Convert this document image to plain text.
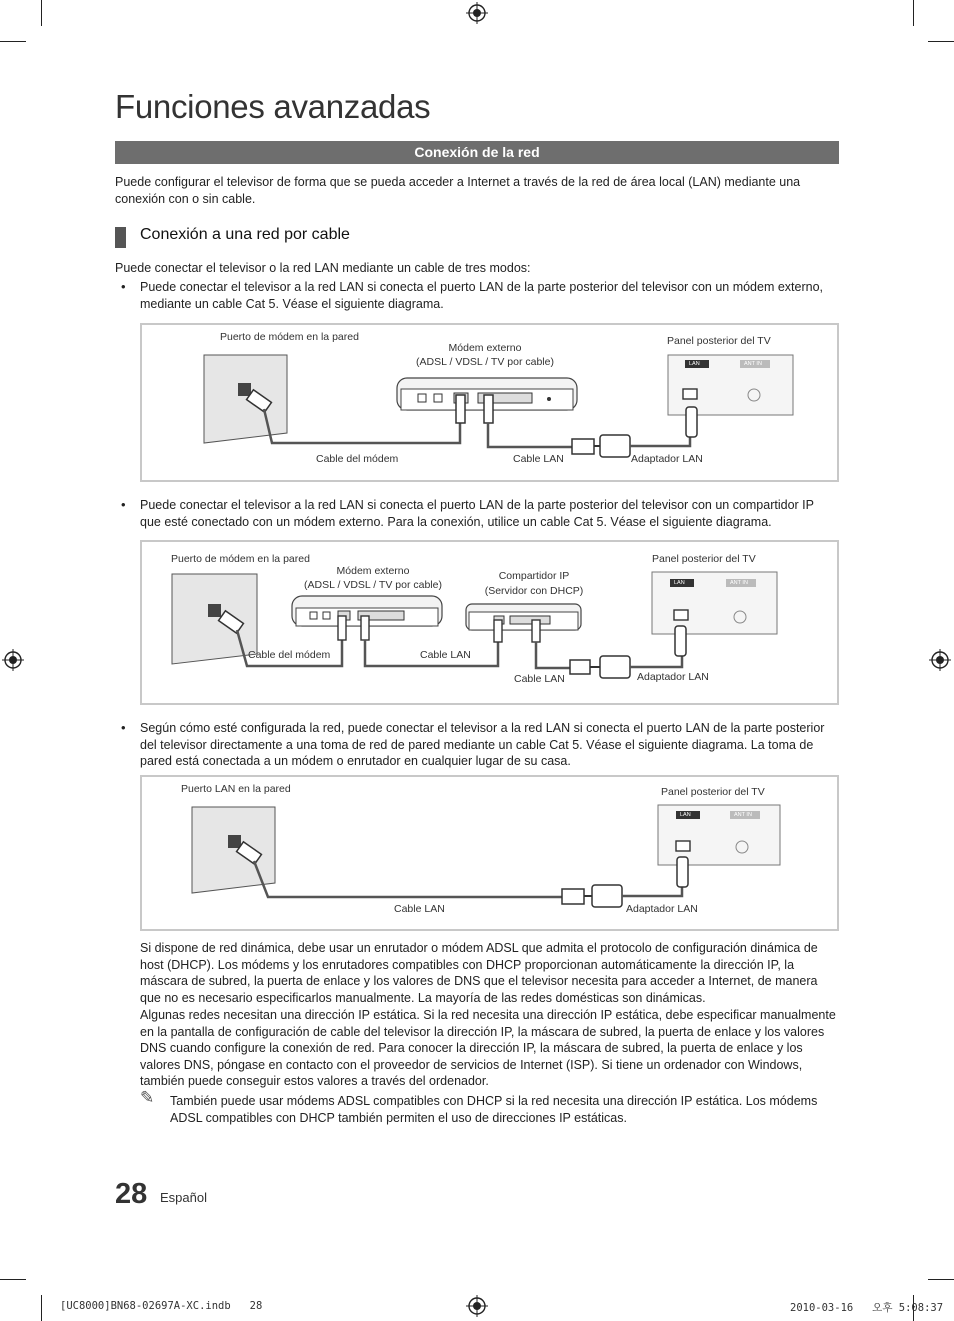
Funciones avanzadas
Conexión de la red
Puede configurar el televisor de forma que se pueda acceder a Internet a través de la red de área local (LAN) mediante una conexión con o sin cable.
Conexión a una red por cable
Puede conectar el televisor o la red LAN mediante un cable de tres modos:
• Puede conectar el televisor a la red LAN si conecta el puerto LAN de la parte posterior del televisor con un módem externo, mediante un cable Cat 5. Véase el siguiente diagrama.
LAN	ANT IN
Puerto de módem en la pared
Módem externo
(ADSL / VDSL / TV por cable)
Panel posterior del TV
Cable del módem	Cable LAN	Adaptador LAN
• Puede conectar el televisor a la red LAN si conecta el puerto LAN de la parte posterior del televisor con un compartidor IP que esté conectado con un módem externo. Para la conexión, utilice un cable Cat 5. Véase el siguiente diagrama.
LAN	ANT IN
Puerto de módem en la pared
Módem externo
(ADSL / VDSL / TV por cable)
Compartidor IP
(Servidor con DHCP)
Panel posterior del TV
Cable del módem	Cable LAN
Cable LAN	Adaptador LAN
• Según cómo esté configurada la red, puede conectar el televisor a la red LAN si conecta el puerto LAN de la parte posterior del televisor directamente a una toma de red de pared mediante un cable Cat 5. Véase el siguiente diagrama. La toma de pared está conectada a un módem o enrutador en cualquier lugar de su casa.
LAN	ANT IN
Puerto LAN en la pared	Panel posterior del TV
Cable LAN	Adaptador LAN
Si dispone de red dinámica, debe usar un enrutador o módem ADSL que admita el protocolo de configuración dinámica de host (DHCP). Los módems y los enrutadores compatibles con DHCP proporcionan automáticamente la dirección IP, la máscara de subred, la puerta de enlace y los valores de DNS que el televisor necesita para acceder a Internet, de manera que no es necesario especificarlos manualmente. La mayoría de las redes domésticas son dinámicas.
Algunas redes necesitan una dirección IP estática. Si la red necesita una dirección IP estática, debe especificar manualmente en la pantalla de configuración de cable del televisor la dirección IP, la máscara de subred, la puerta de enlace y los valores DNS cuando configure la conexión de red. Para conocer la dirección IP, la máscara de subred, la puerta de enlace y los valores DNS, póngase en contacto con el proveedor de servicios de Internet (ISP). Si tiene un ordenador con Windows, también puede conseguir estos valores a través del ordenador.
✎ También puede usar módems ADSL compatibles con DHCP si la red necesita una dirección IP estática. Los módems ADSL compatibles con DHCP también permiten el uso de direcciones IP estáticas.
28 Español
[UC8000]BN68-02697A-XC.indb   28	2010-03-16   오후 5:08:37
